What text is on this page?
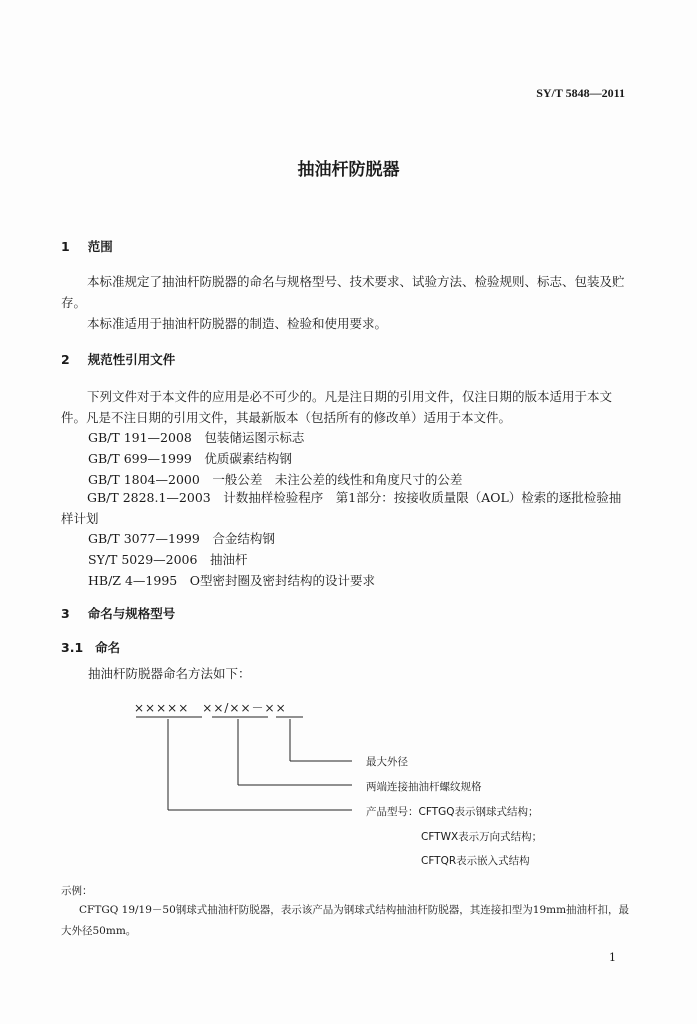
SY/T 5848—2011
抽油杆防脱器
1 范围
本标准规定了抽油杆防脱器的命名与规格型号、技术要求、试验方法、检验规则、标志、包装及贮存。
本标准适用于抽油杆防脱器的制造、检验和使用要求。
2 规范性引用文件
下列文件对于本文件的应用是必不可少的。凡是注日期的引用文件，仅注日期的版本适用于本文件。凡是不注日期的引用文件，其最新版本（包括所有的修改单）适用于本文件。
GB/T 191—2008　包装储运图示标志
GB/T 699—1999　优质碳素结构钢
GB/T 1804—2000　一般公差　未注公差的线性和角度尺寸的公差
GB/T 2828.1—2003　计数抽样检验程序　第1部分：按接收质量限（AOL）检索的逐批检验抽样计划
GB/T 3077—1999　合金结构钢
SY/T 5029—2006　抽油杆
HB/Z 4—1995　O型密封圈及密封结构的设计要求
3 命名与规格型号
3.1 命名
抽油杆防脱器命名方法如下：
×××××　××/××－××
最大外径
两端连接抽油杆螺纹规格
产品型号：CFTGQ表示钢球式结构；
CFTWX表示万向式结构；
CFTQR表示嵌入式结构
示例：
CFTGQ 19/19－50钢球式抽油杆防脱器，表示该产品为钢球式结构抽油杆防脱器，其连接扣型为19mm抽油杆扣，最大外径50mm。
1
